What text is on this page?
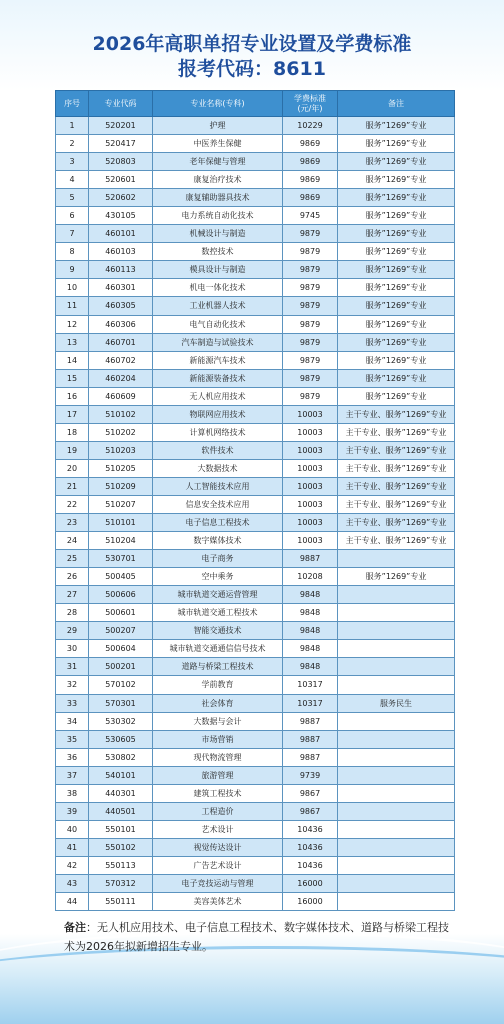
2026年高职单招专业设置及学费标准
报考代码：8611
序号	专业代码	专业名称(专科)	学费标准
(元/年)	备注
1	520201	护理	10229	服务”1269”专业
2	520417	中医养生保健	9869	服务”1269”专业
3	520803	老年保健与管理	9869	服务”1269”专业
4	520601	康复治疗技术	9869	服务”1269”专业
5	520602	康复辅助器具技术	9869	服务”1269”专业
6	430105	电力系统自动化技术	9745	服务”1269”专业
7	460101	机械设计与制造	9879	服务”1269”专业
8	460103	数控技术	9879	服务”1269”专业
9	460113	模具设计与制造	9879	服务”1269”专业
10	460301	机电一体化技术	9879	服务”1269”专业
11	460305	工业机器人技术	9879	服务”1269”专业
12	460306	电气自动化技术	9879	服务”1269”专业
13	460701	汽车制造与试验技术	9879	服务”1269”专业
14	460702	新能源汽车技术	9879	服务”1269”专业
15	460204	新能源装备技术	9879	服务”1269”专业
16	460609	无人机应用技术	9879	服务”1269”专业
17	510102	物联网应用技术	10003	主干专业、服务”1269”专业
18	510202	计算机网络技术	10003	主干专业、服务”1269”专业
19	510203	软件技术	10003	主干专业、服务”1269”专业
20	510205	大数据技术	10003	主干专业、服务”1269”专业
21	510209	人工智能技术应用	10003	主干专业、服务”1269”专业
22	510207	信息安全技术应用	10003	主干专业、服务”1269”专业
23	510101	电子信息工程技术	10003	主干专业、服务”1269”专业
24	510204	数字媒体技术	10003	主干专业、服务”1269”专业
25	530701	电子商务	9887	
26	500405	空中乘务	10208	服务”1269”专业
27	500606	城市轨道交通运营管理	9848	
28	500601	城市轨道交通工程技术	9848	
29	500207	智能交通技术	9848	
30	500604	城市轨道交通通信信号技术	9848	
31	500201	道路与桥梁工程技术	9848	
32	570102	学前教育	10317	
33	570301	社会体育	10317	服务民生
34	530302	大数据与会计	9887	
35	530605	市场营销	9887	
36	530802	现代物流管理	9887	
37	540101	旅游管理	9739	
38	440301	建筑工程技术	9867	
39	440501	工程造价	9867	
40	550101	艺术设计	10436	
41	550102	视觉传达设计	10436	
42	550113	广告艺术设计	10436	
43	570312	电子竞技运动与管理	16000	
44	550111	美容美体艺术	16000	
备注：无人机应用技术、电子信息工程技术、数字媒体技术、道路与桥梁工程技术为2026年拟新增招生专业。
